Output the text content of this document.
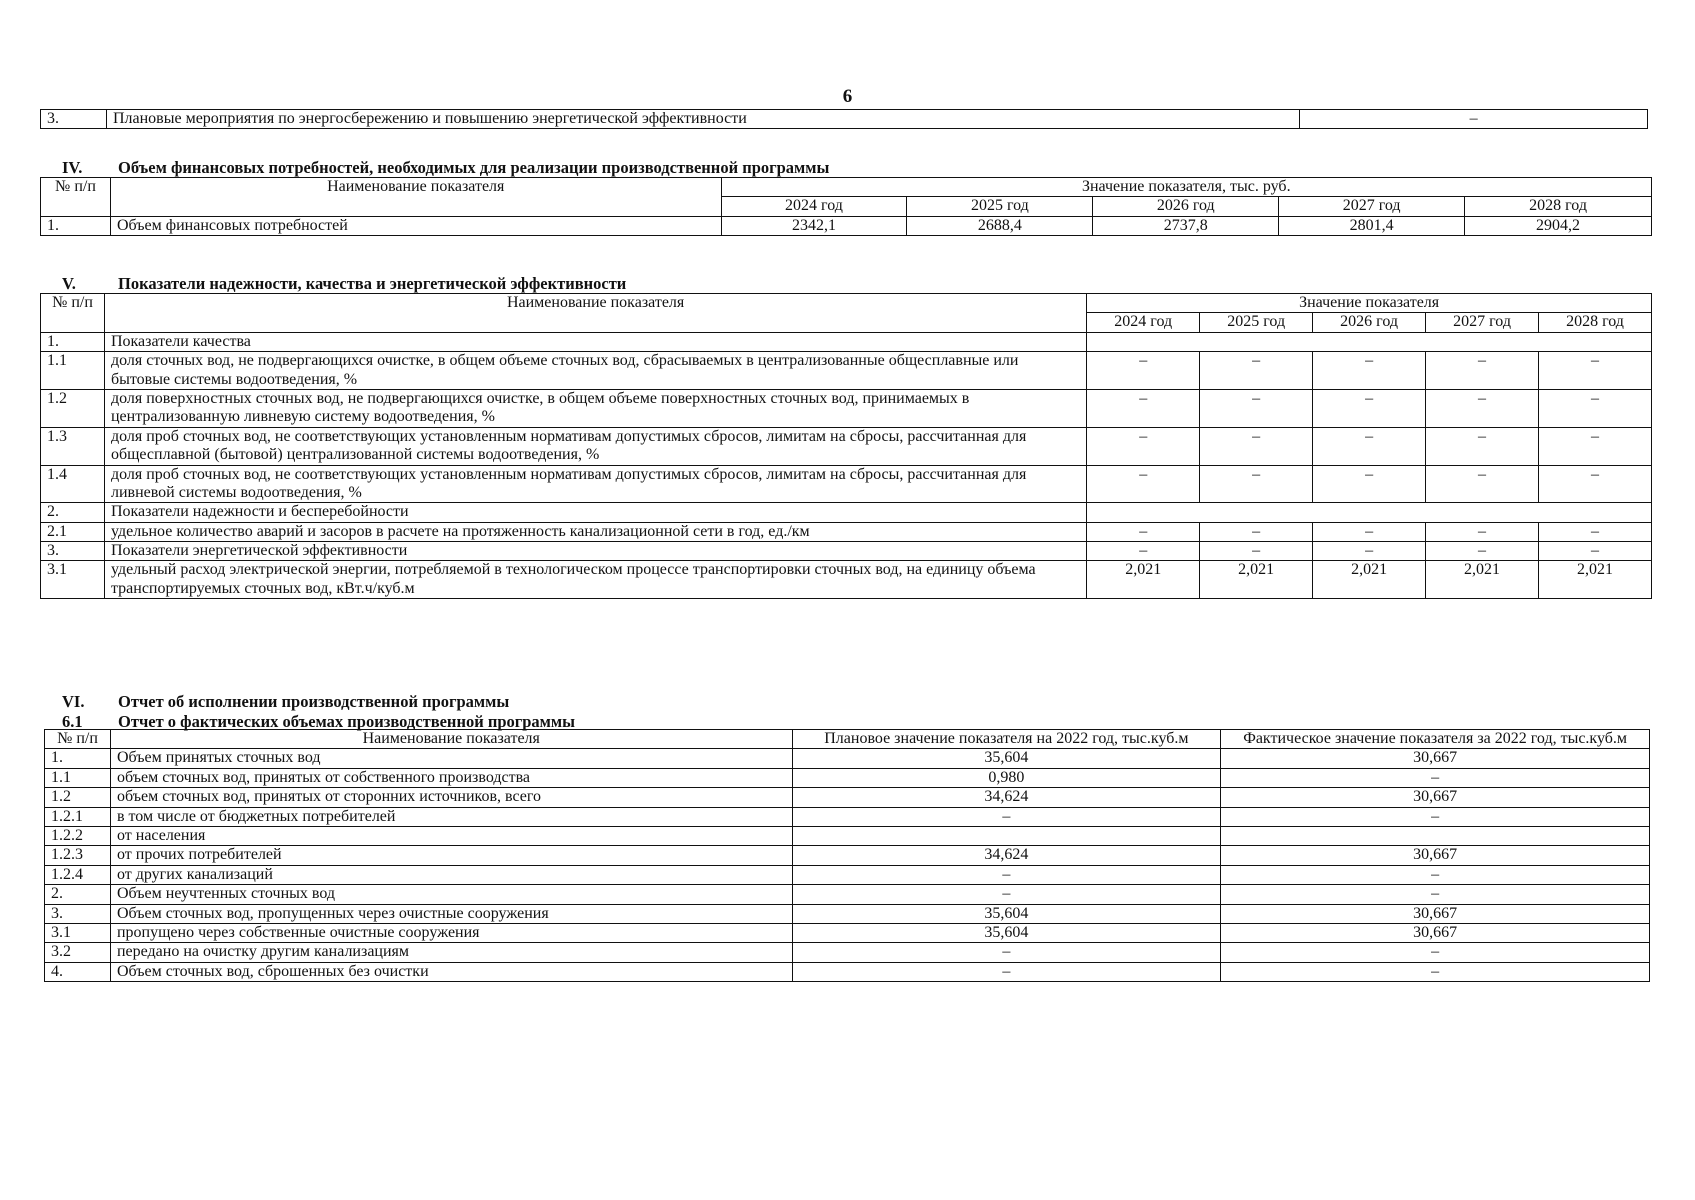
6
3.	Плановые мероприятия по энергосбережению и повышению энергетической эффективности	–
IV. Объем финансовых потребностей, необходимых для реализации производственной программы
№ п/п	Наименование показателя	Значение показателя, тыс. руб.				
		2024 год	2025 год	2026 год	2027 год	2028 год
1.	Объем финансовых потребностей	2342,1	2688,4	2737,8	2801,4	2904,2
V.	Показатели надежности, качества и энергетической эффективности
№ п/п	Наименование показателя	Значение показателя				
		2024 год	2025 год	2026 год	2027 год	2028 год
1.	Показатели качества					
1.1	доля сточных вод, не подвергающихся очистке, в общем объеме сточных вод, сбрасываемых в централизованные общесплавные или бытовые системы водоотведения, %	–	–	–	–	–
1.2	доля поверхностных сточных вод, не подвергающихся очистке, в общем объеме поверхностных сточных вод, принимаемых в централизованную ливневую систему водоотведения, %	–	–	–	–	–
1.3	доля проб сточных вод, не соответствующих установленным нормативам допустимых сбросов, лимитам на сбросы, рассчитанная для общесплавной (бытовой) централизованной системы водоотведения, %	–	–	–	–	–
1.4	доля проб сточных вод, не соответствующих установленным нормативам допустимых сбросов, лимитам на сбросы, рассчитанная для ливневой системы водоотведения, %	–	–	–	–	–
2.	Показатели надежности и бесперебойности					
2.1	удельное количество аварий и засоров в расчете на протяженность канализационной сети в год, ед./км	–	–	–	–	–
3.	Показатели энергетической эффективности	–	–	–	–	–
3.1	удельный расход электрической энергии, потребляемой в технологическом процессе транспортировки сточных вод, на единицу объема транспортируемых сточных вод, кВт.ч/куб.м	2,021	2,021	2,021	2,021	2,021
VI. Отчет об исполнении производственной программы
6.1 Отчет о фактических объемах производственной программы
№ п/п	Наименование показателя	Плановое значение показателя на 2022 год, тыс.куб.м	Фактическое значение показателя за 2022 год, тыс.куб.м
1.	Объем принятых сточных вод	35,604	30,667
1.1	объем сточных вод, принятых от собственного производства	0,980	–
1.2	объем сточных вод, принятых от сторонних источников, всего	34,624	30,667
1.2.1	в том числе от бюджетных потребителей	–	–
1.2.2	от населения		
1.2.3	от прочих потребителей	34,624	30,667
1.2.4	от других канализаций	–	–
2.	Объем неучтенных сточных вод	–	–
3.	Объем сточных вод, пропущенных через очистные сооружения	35,604	30,667
3.1	пропущено через собственные очистные сооружения	35,604	30,667
3.2	передано на очистку другим канализациям	–	–
4.	Объем сточных вод, сброшенных без очистки	–	–
